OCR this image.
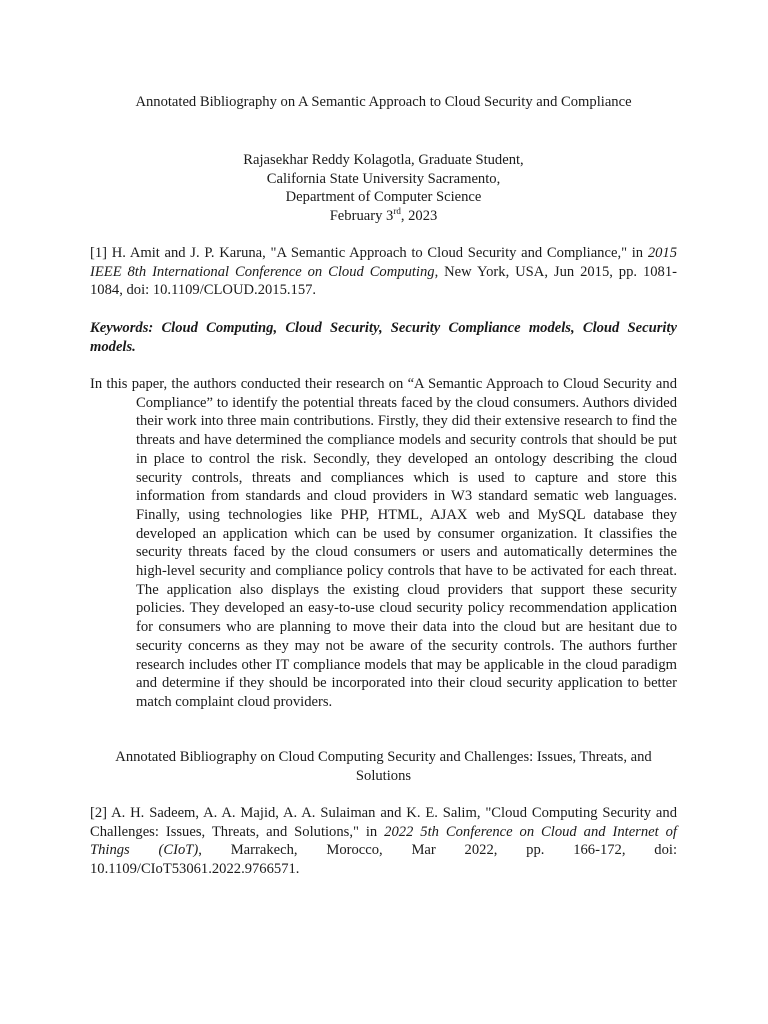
Annotated Bibliography on A Semantic Approach to Cloud Security and Compliance
Rajasekhar Reddy Kolagotla, Graduate Student,
California State University Sacramento,
Department of Computer Science
February 3rd, 2023
[1] H. Amit and J. P. Karuna, "A Semantic Approach to Cloud Security and Compliance," in 2015 IEEE 8th International Conference on Cloud Computing, New York, USA, Jun 2015, pp. 1081-1084, doi: 10.1109/CLOUD.2015.157.
Keywords: Cloud Computing, Cloud Security, Security Compliance models, Cloud Security models.
In this paper, the authors conducted their research on “A Semantic Approach to Cloud Security and Compliance” to identify the potential threats faced by the cloud consumers. Authors divided their work into three main contributions. Firstly, they did their extensive research to find the threats and have determined the compliance models and security controls that should be put in place to control the risk. Secondly, they developed an ontology describing the cloud security controls, threats and compliances which is used to capture and store this information from standards and cloud providers in W3 standard sematic web languages. Finally, using technologies like PHP, HTML, AJAX web and MySQL database they developed an application which can be used by consumer organization. It classifies the security threats faced by the cloud consumers or users and automatically determines the high-level security and compliance policy controls that have to be activated for each threat. The application also displays the existing cloud providers that support these security policies. They developed an easy-to-use cloud security policy recommendation application for consumers who are planning to move their data into the cloud but are hesitant due to security concerns as they may not be aware of the security controls. The authors further research includes other IT compliance models that may be applicable in the cloud paradigm and determine if they should be incorporated into their cloud security application to better match complaint cloud providers.
Annotated Bibliography on Cloud Computing Security and Challenges: Issues, Threats, and Solutions
[2] A. H. Sadeem, A. A. Majid, A. A. Sulaiman and K. E. Salim, "Cloud Computing Security and Challenges: Issues, Threats, and Solutions," in 2022 5th Conference on Cloud and Internet of Things (CIoT), Marrakech, Morocco, Mar 2022, pp. 166-172, doi: 10.1109/CIoT53061.2022.9766571.
